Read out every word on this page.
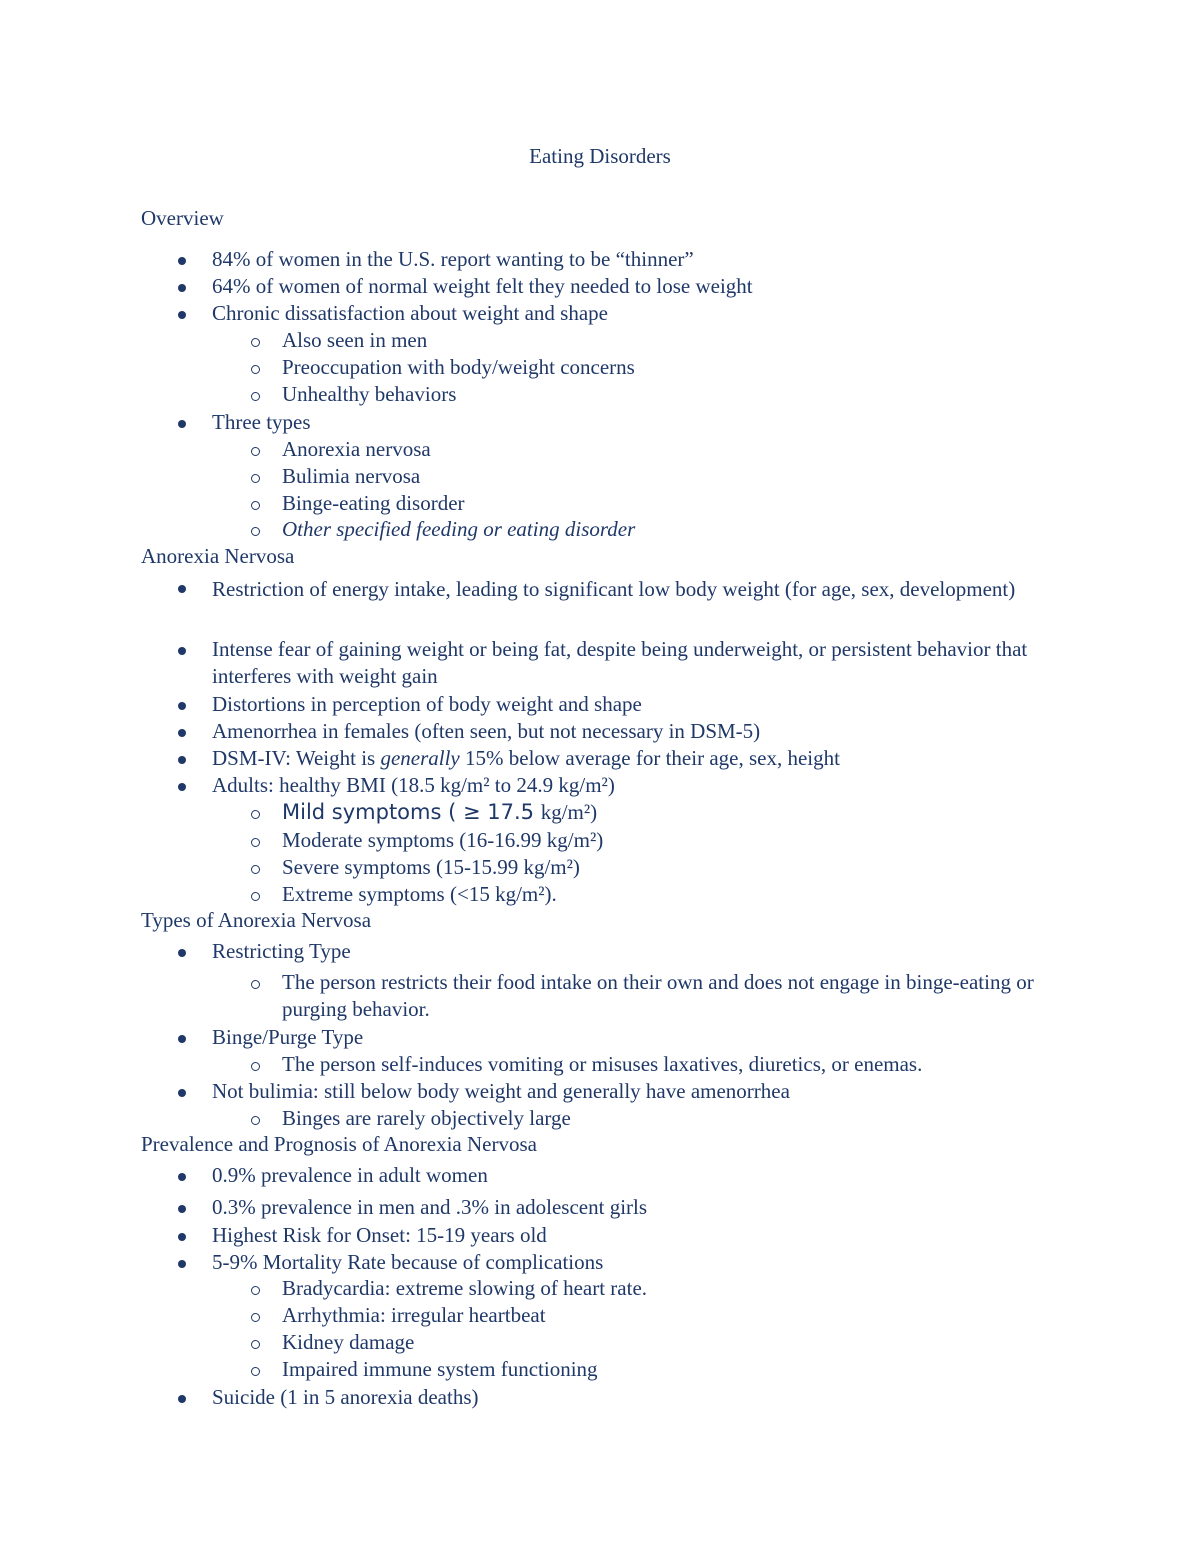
Eating Disorders
Overview
84% of women in the U.S. report wanting to be “thinner”
64% of women of normal weight felt they needed to lose weight
Chronic dissatisfaction about weight and shape
Also seen in men
Preoccupation with body/weight concerns
Unhealthy behaviors
Three types
Anorexia nervosa
Bulimia nervosa
Binge-eating disorder
Other specified feeding or eating disorder
Anorexia Nervosa
Restriction of energy intake, leading to significant low body weight (for age, sex, development)
Intense fear of gaining weight or being fat, despite being underweight, or persistent behavior that interferes with weight gain
Distortions in perception of body weight and shape
Amenorrhea in females (often seen, but not necessary in DSM-5)
DSM-IV: Weight is generally 15% below average for their age, sex, height
Adults: healthy BMI (18.5 kg/m² to 24.9 kg/m²)
Mild symptoms ( ≥ 17.5 kg/m²)
Moderate symptoms (16-16.99 kg/m²)
Severe symptoms (15-15.99 kg/m²)
Extreme symptoms (<15 kg/m²).
Types of Anorexia Nervosa
Restricting Type
The person restricts their food intake on their own and does not engage in binge-eating or purging behavior.
Binge/Purge Type
The person self-induces vomiting or misuses laxatives, diuretics, or enemas.
Not bulimia: still below body weight and generally have amenorrhea
Binges are rarely objectively large
Prevalence and Prognosis of Anorexia Nervosa
0.9% prevalence in adult women
0.3% prevalence in men and .3% in adolescent girls
Highest Risk for Onset: 15-19 years old
5-9% Mortality Rate because of complications
Bradycardia: extreme slowing of heart rate.
Arrhythmia: irregular heartbeat
Kidney damage
Impaired immune system functioning
Suicide (1 in 5 anorexia deaths)
